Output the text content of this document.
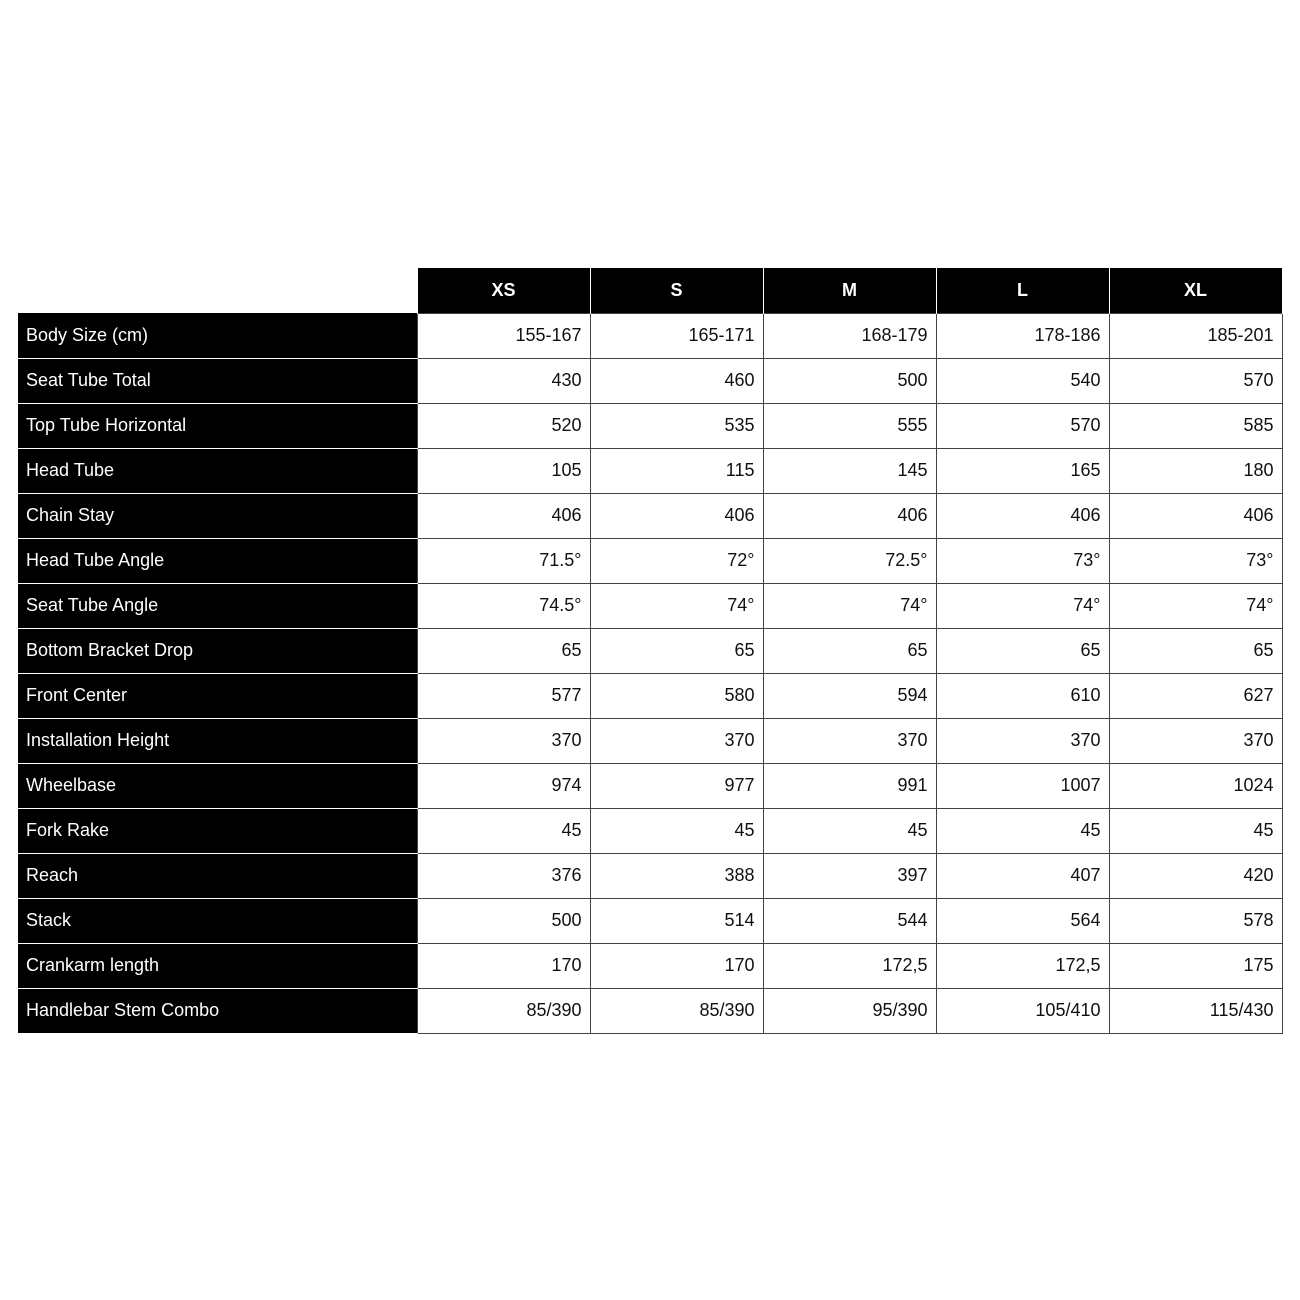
	XS	S	M	L	XL
Body Size (cm)	155-167	165-171	168-179	178-186	185-201
Seat Tube Total	430	460	500	540	570
Top Tube Horizontal	520	535	555	570	585
Head Tube	105	115	145	165	180
Chain Stay	406	406	406	406	406
Head Tube Angle	71.5°	72°	72.5°	73°	73°
Seat Tube Angle	74.5°	74°	74°	74°	74°
Bottom Bracket Drop	65	65	65	65	65
Front Center	577	580	594	610	627
Installation Height	370	370	370	370	370
Wheelbase	974	977	991	1007	1024
Fork Rake	45	45	45	45	45
Reach	376	388	397	407	420
Stack	500	514	544	564	578
Crankarm length	170	170	172,5	172,5	175
Handlebar Stem Combo	85/390	85/390	95/390	105/410	115/430
